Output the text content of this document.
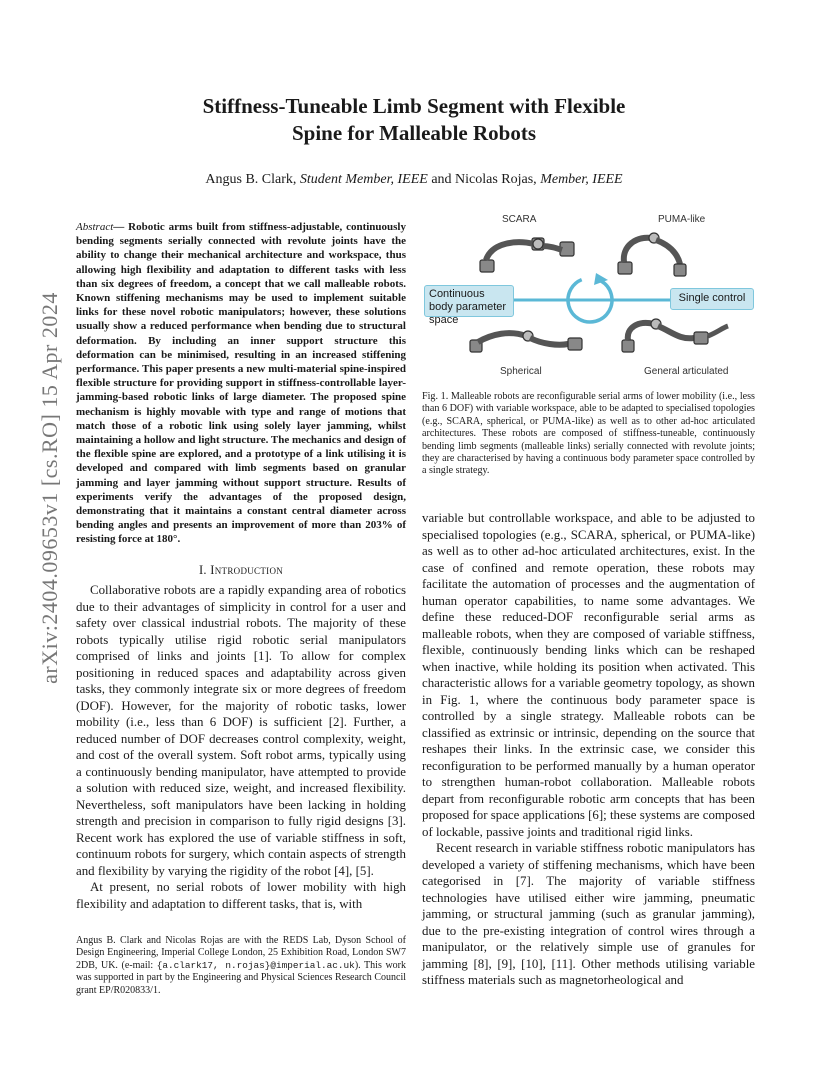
arXiv:2404.09653v1 [cs.RO] 15 Apr 2024
Stiffness-Tuneable Limb Segment with Flexible
Spine for Malleable Robots
Angus B. Clark, Student Member, IEEE and Nicolas Rojas, Member, IEEE
Abstract— Robotic arms built from stiffness-adjustable, continuously bending segments serially connected with revolute joints have the ability to change their mechanical architecture and workspace, thus allowing high flexibility and adaptation to different tasks with less than six degrees of freedom, a concept that we call malleable robots. Known stiffening mechanisms may be used to implement suitable links for these novel robotic manipulators; however, these solutions usually show a reduced performance when bending due to structural deformation. By including an inner support structure this deformation can be minimised, resulting in an increased stiffening performance. This paper presents a new multi-material spine-inspired flexible structure for providing support in stiffness-controllable layer-jamming-based robotic links of large diameter. The proposed spine mechanism is highly movable with type and range of motions that match those of a robotic link using solely layer jamming, whilst maintaining a hollow and light structure. The mechanics and design of the flexible spine are explored, and a prototype of a link utilising it is developed and compared with limb segments based on granular jamming and layer jamming without support structure. Results of experiments verify the advantages of the proposed design, demonstrating that it maintains a constant central diameter across bending angles and presents an improvement of more than 203% of resisting force at 180°.
I. Introduction

Collaborative robots are a rapidly expanding area of robotics due to their advantages of simplicity in control for a user and safety over classical industrial robots. The majority of these robots typically utilise rigid robotic serial manipulators comprised of links and joints [1]. To allow for complex positioning in reduced spaces and adaptability across given tasks, they commonly integrate six or more degrees of freedom (DOF). However, for the majority of robotic tasks, lower mobility (i.e., less than 6 DOF) is sufficient [2]. Further, a reduced number of DOF decreases control complexity, weight, and cost of the overall system. Soft robot arms, typically using a continuously bending manipulator, have attempted to provide a solution with reduced size, weight, and increased flexibility. Nevertheless, soft manipulators have been lacking in holding strength and precision in comparison to fully rigid designs [3]. Recent work has explored the use of variable stiffness in soft, continuum robots for surgery, which contain aspects of strength and flexibility by varying the rigidity of the robot [4], [5].

At present, no serial robots of lower mobility with high flexibility and adaptation to different tasks, that is, with

Angus B. Clark and Nicolas Rojas are with the REDS Lab, Dyson School of Design Engineering, Imperial College London, 25 Exhibition Road, London SW7 2DB, UK. (e-mail: {a.clark17, n.rojas}@imperial.ac.uk). This work was supported in part by the Engineering and Physical Sciences Research Council grant EP/R020833/1.
SCARA	PUMA-like
Spherical	General articulated
Continuous body parameter space
Single control
Fig. 1. Malleable robots are reconfigurable serial arms of lower mobility (i.e., less than 6 DOF) with variable workspace, able to be adapted to specialised topologies (e.g., SCARA, spherical, or PUMA-like) as well as to other ad-hoc articulated architectures. These robots are composed of stiffness-tuneable, continuously bending limb segments (malleable links) serially connected with revolute joints; they are characterised by having a continuous body parameter space controlled by a single strategy.

variable but controllable workspace, and able to be adjusted to specialised topologies (e.g., SCARA, spherical, or PUMA-like) as well as to other ad-hoc articulated architectures, exist. In the case of confined and remote operation, these robots may facilitate the automation of processes and the augmentation of human operator capabilities, to name some advantages. We define these reduced-DOF reconfigurable serial arms as malleable robots, when they are composed of variable stiffness, flexible, continuously bending links which can be reshaped when inactive, while holding its position when activated. This characteristic allows for a variable geometry topology, as shown in Fig. 1, where the continuous body parameter space is controlled by a single strategy. Malleable robots can be classified as extrinsic or intrinsic, depending on the source that reshapes their links. In the extrinsic case, we consider this reconfiguration to be performed manually by a human operator to strengthen human-robot collaboration. Malleable robots depart from reconfigurable robotic arm concepts that has been proposed for space applications [6]; these systems are composed of lockable, passive joints and traditional rigid links.

Recent research in variable stiffness robotic manipulators has developed a variety of stiffening mechanisms, which have been categorised in [7]. The majority of variable stiffness technologies have utilised either wire jamming, pneumatic jamming, or structural jamming (such as granular jamming), due to the pre-existing integration of control wires through a manipulator, or the relatively simple use of granules for jamming [8], [9], [10], [11]. Other methods utilising variable stiffness materials such as magnetorheological and
